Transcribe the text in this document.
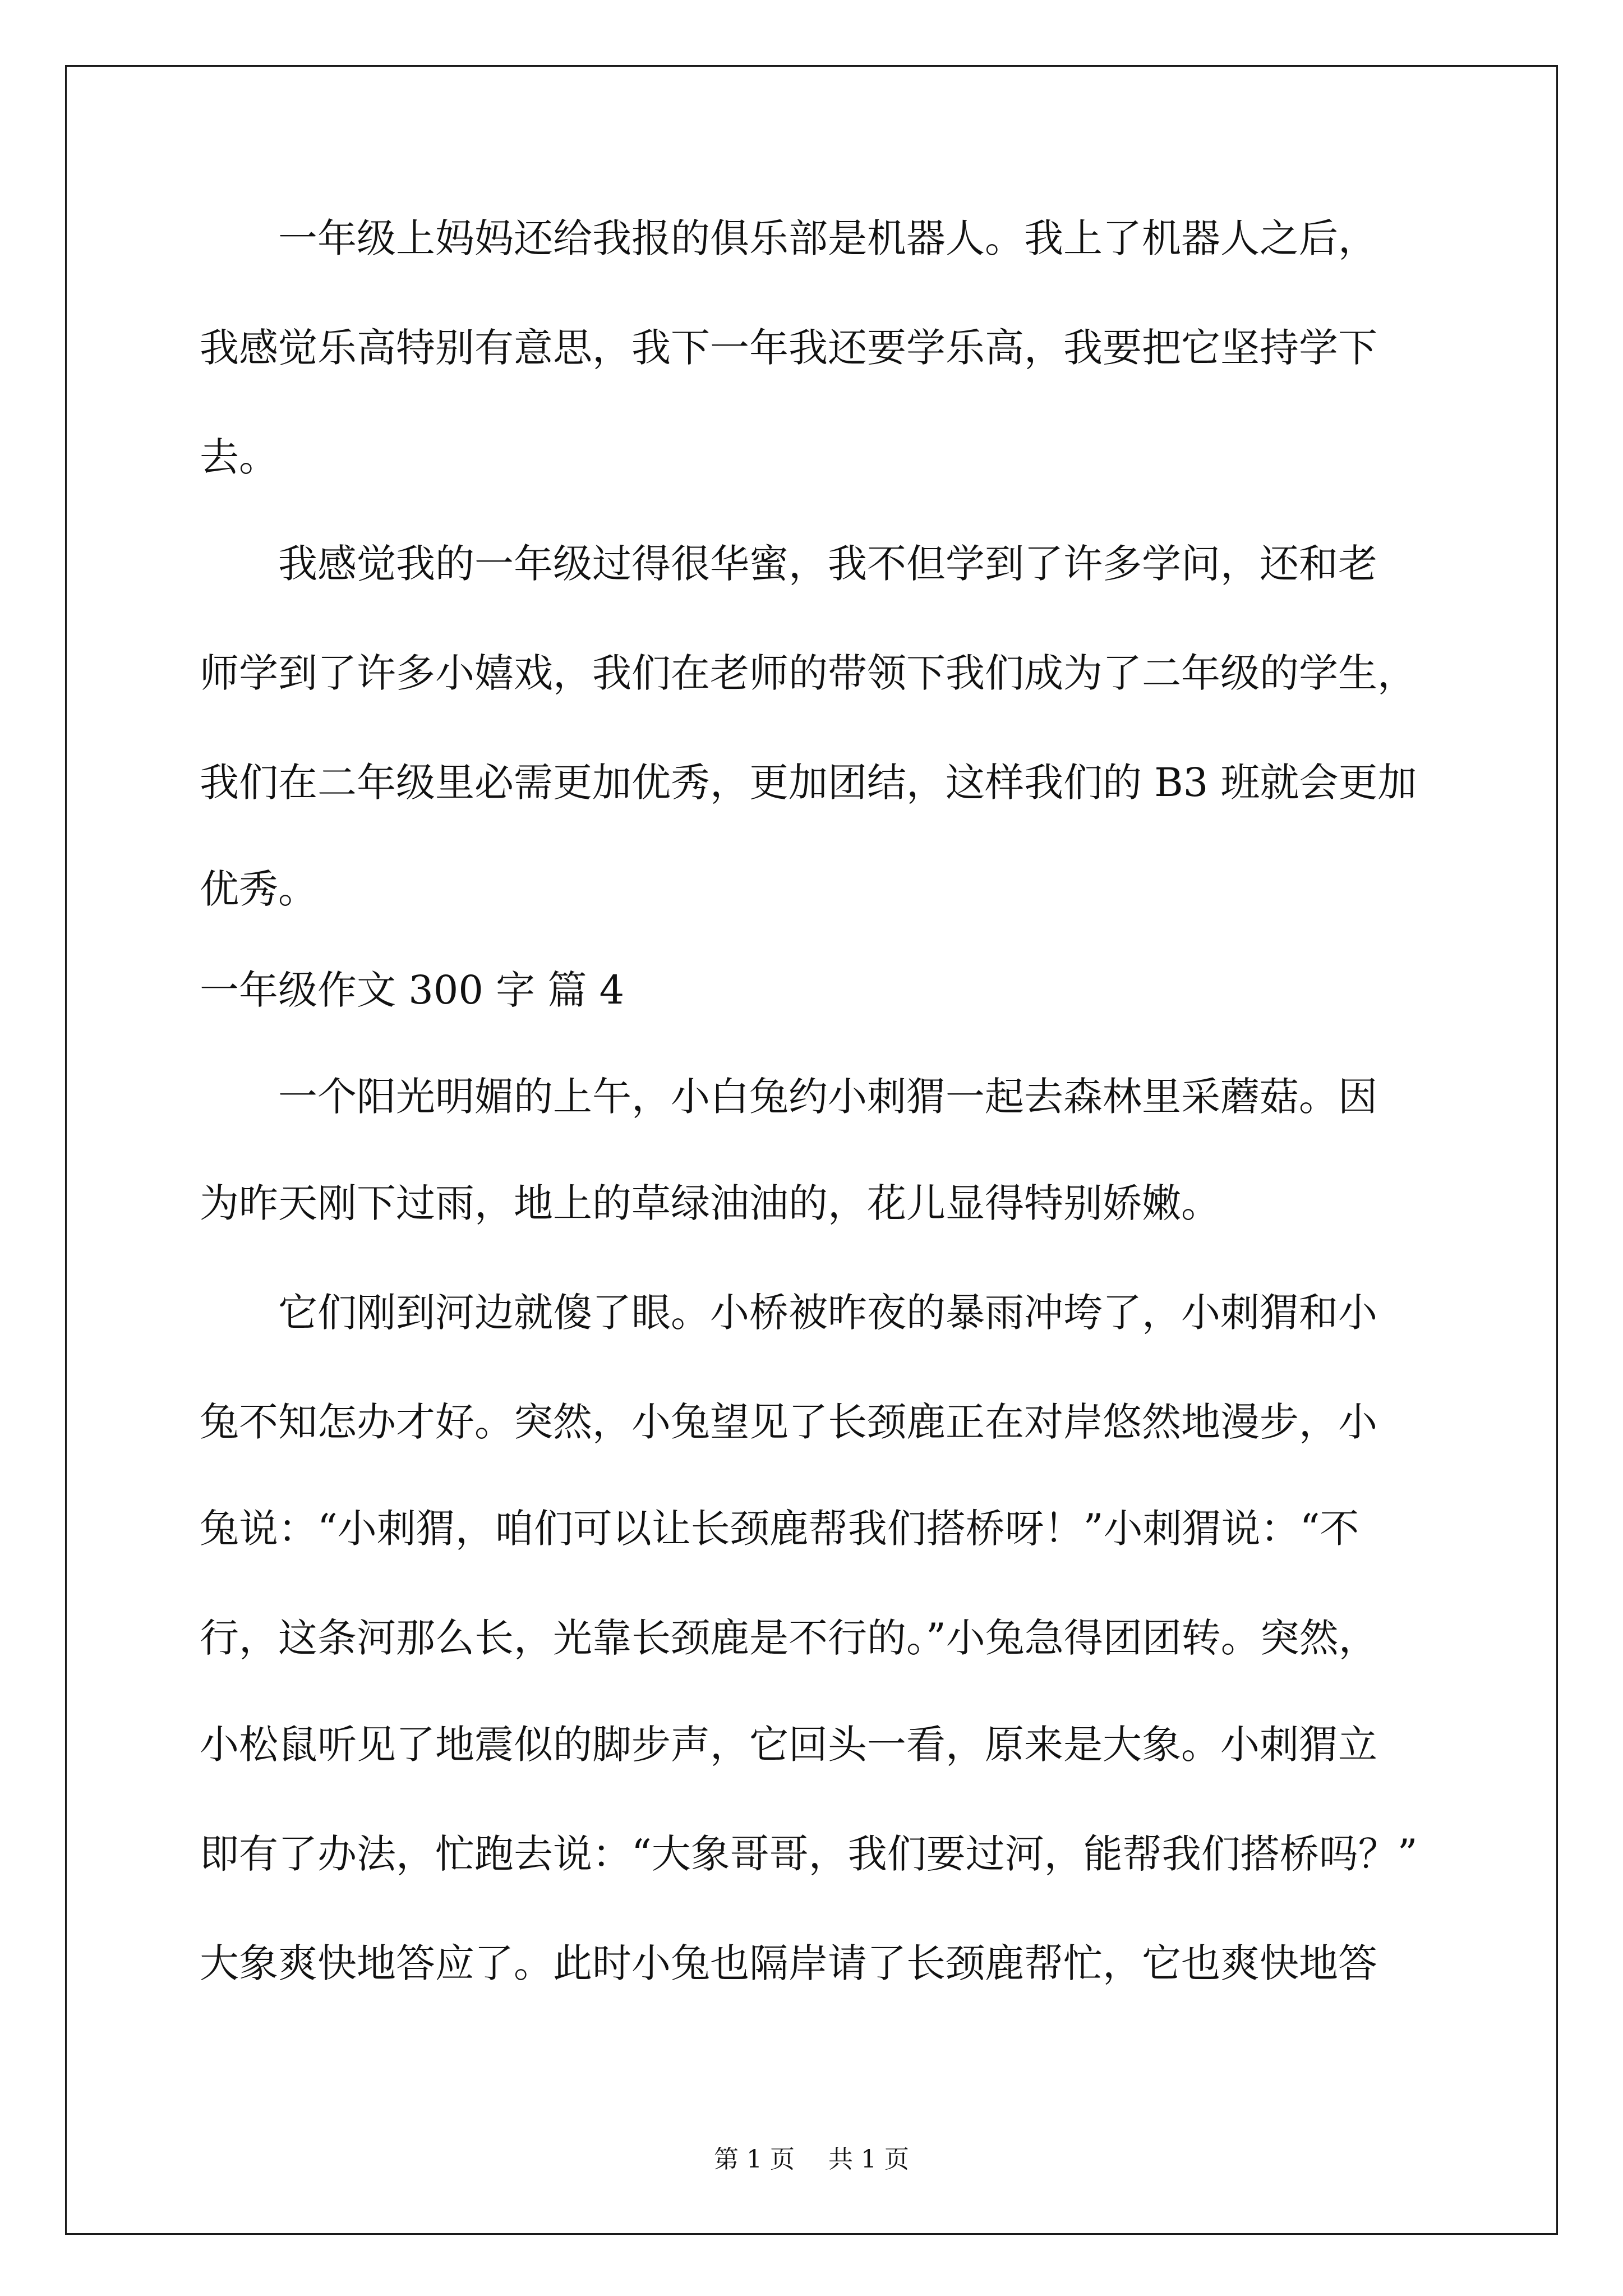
　　一年级上妈妈还给我报的俱乐部是机器人。我上了机器人之后，
我感觉乐高特别有意思，我下一年我还要学乐高，我要把它坚持学下
去。
　　我感觉我的一年级过得很华蜜，我不但学到了许多学问，还和老
师学到了许多小嬉戏，我们在老师的带领下我们成为了二年级的学生，
我们在二年级里必需更加优秀，更加团结，这样我们的 B3 班就会更加
优秀。
一年级作文 300 字 篇 4
　　一个阳光明媚的上午，小白兔约小刺猬一起去森林里采蘑菇。因
为昨天刚下过雨，地上的草绿油油的，花儿显得特别娇嫩。
　　它们刚到河边就傻了眼。小桥被昨夜的暴雨冲垮了，小刺猬和小
兔不知怎办才好。突然，小兔望见了长颈鹿正在对岸悠然地漫步，小
兔说：“小刺猬，咱们可以让长颈鹿帮我们搭桥呀！”小刺猬说：“不
行，这条河那么长，光靠长颈鹿是不行的。”小兔急得团团转。突然，
小松鼠听见了地震似的脚步声，它回头一看，原来是大象。小刺猬立
即有了办法，忙跑去说：“大象哥哥，我们要过河，能帮我们搭桥吗？”
大象爽快地答应了。此时小兔也隔岸请了长颈鹿帮忙，它也爽快地答
第 1 页 共 1 页
